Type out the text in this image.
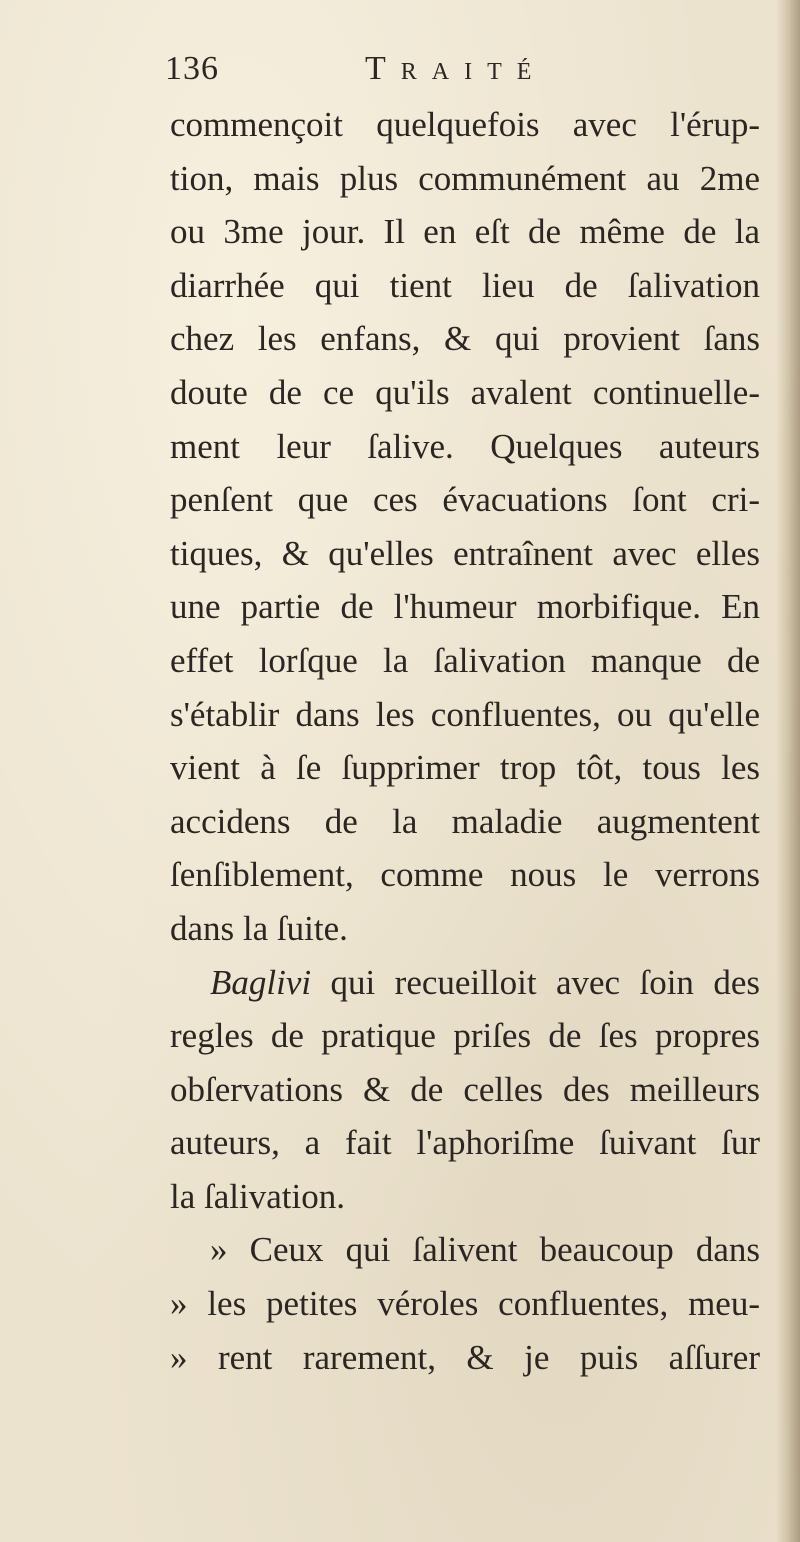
136	Traité
commençoit quelquefois avec l'érup-
tion, mais plus communément au 2me
ou 3me jour. Il en eſt de même de la
diarrhée qui tient lieu de ſalivation
chez les enfans, & qui provient ſans
doute de ce qu'ils avalent continuelle-
ment leur ſalive. Quelques auteurs
penſent que ces évacuations ſont cri-
tiques, & qu'elles entraînent avec elles
une partie de l'humeur morbifique. En
effet lorſque la ſalivation manque de
s'établir dans les confluentes, ou qu'elle
vient à ſe ſupprimer trop tôt, tous les
accidens de la maladie augmentent
ſenſiblement, comme nous le verrons
dans la ſuite.
Baglivi qui recueilloit avec ſoin des
regles de pratique priſes de ſes propres
obſervations & de celles des meilleurs
auteurs, a fait l'aphoriſme ſuivant ſur
la ſalivation.
» Ceux qui ſalivent beaucoup dans
» les petites véroles confluentes, meu-
» rent rarement, & je puis aſſurer
